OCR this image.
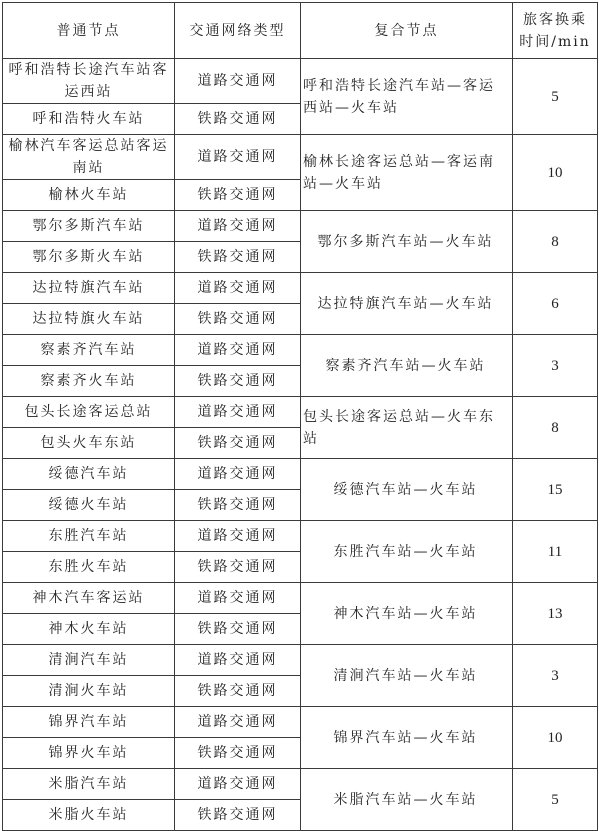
普通节点	交通网络类型	复合节点	旅客换乘时间/min
呼和浩特长途汽车站客运西站	道路交通网	呼和浩特长途汽车站—客运西站—火车站	5
呼和浩特火车站	铁路交通网		
榆林汽车客运总站客运南站	道路交通网	榆林长途客运总站—客运南站—火车站	10
榆林火车站	铁路交通网		
鄂尔多斯汽车站	道路交通网	鄂尔多斯汽车站—火车站	8
鄂尔多斯火车站	铁路交通网		
达拉特旗汽车站	道路交通网	达拉特旗汽车站—火车站	6
达拉特旗火车站	铁路交通网		
察素齐汽车站	道路交通网	察素齐汽车站—火车站	3
察素齐火车站	铁路交通网		
包头长途客运总站	道路交通网	包头长途客运总站—火车东站	8
包头火车东站	铁路交通网		
绥德汽车站	道路交通网	绥德汽车站—火车站	15
绥德火车站	铁路交通网		
东胜汽车站	道路交通网	东胜汽车站—火车站	11
东胜火车站	铁路交通网		
神木汽车客运站	道路交通网	神木汽车站—火车站	13
神木火车站	铁路交通网		
清涧汽车站	道路交通网	清涧汽车站—火车站	3
清涧火车站	铁路交通网		
锦界汽车站	道路交通网	锦界汽车站—火车站	10
锦界火车站	铁路交通网		
米脂汽车站	道路交通网	米脂汽车站—火车站	5
米脂火车站	铁路交通网		
